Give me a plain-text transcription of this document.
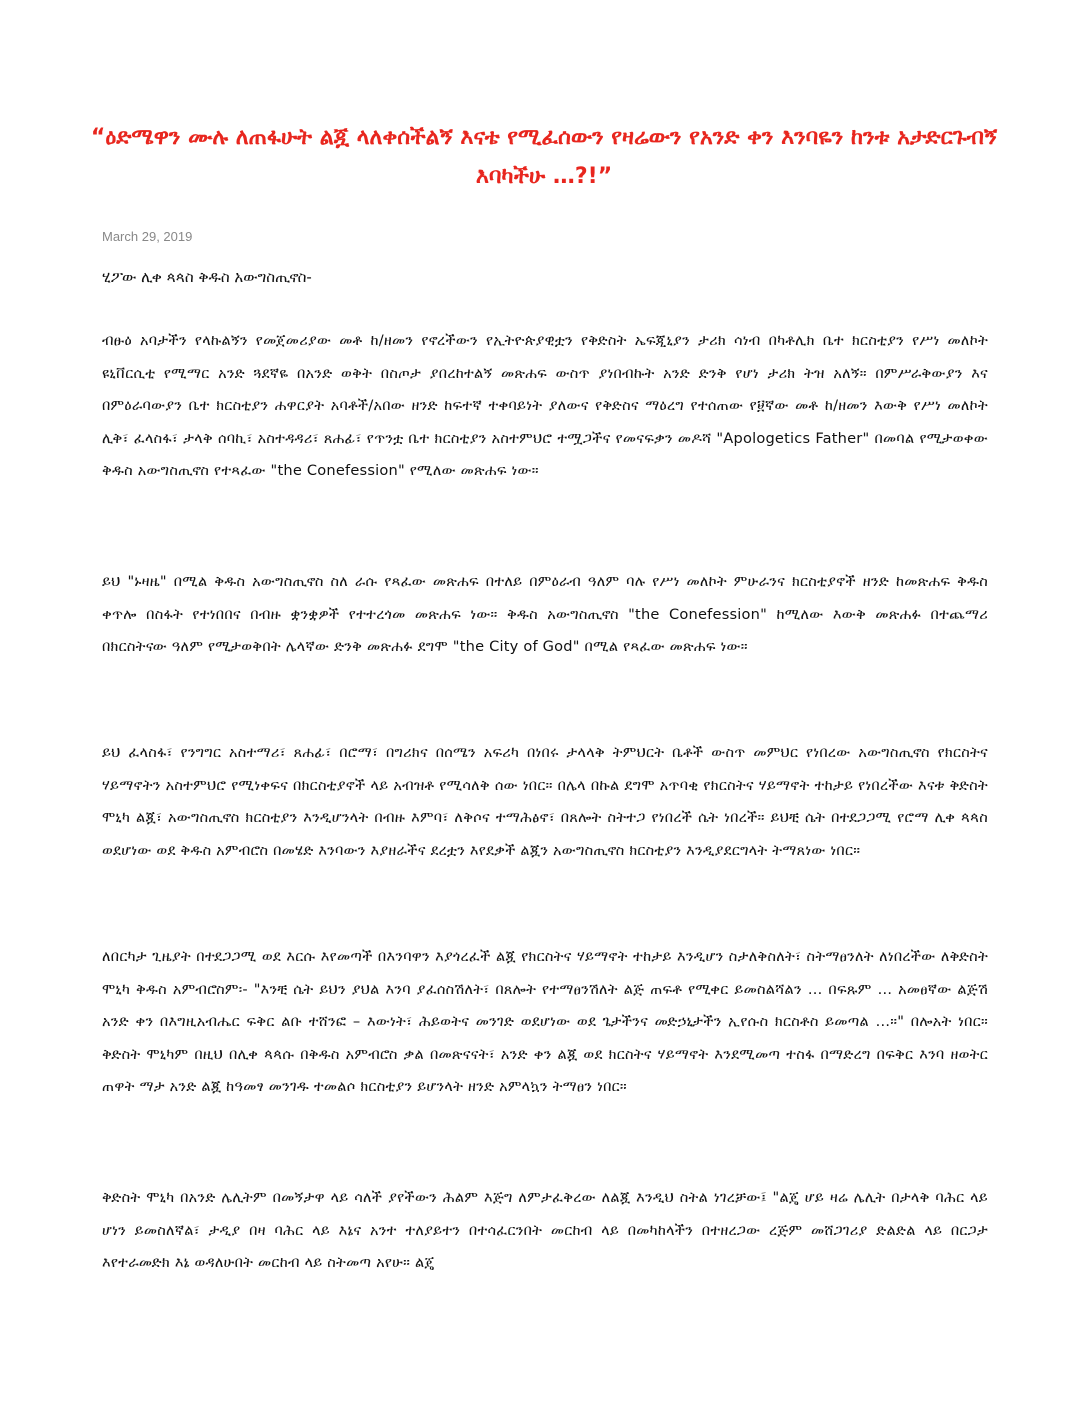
“ዕድሜዋን ሙሉ ለጠፋሁት ልጇ ላለቀሰችልኝ እናቴ የሚፈሰውን የዛሬውን የአንድ ቀን እንባዬን ከንቱ አታድርጉብኝ እባካችሁ …?!”
March 29, 2019
ሂፖው ሊቀ ጳጳስ ቅዱስ አውግስጢኖስ-

ብፁዕ አባታችን የላኩልኝን የመጀመሪያው መቶ ከ/ዘመን የኖረችውን የኢትዮጵያዊቷን የቅድስት ኤፍጂኒያን ታሪክ ሳነብ በካቶሊክ ቤተ ክርስቲያን የሥነ መለኮት ዩኒቨርሲቲ የሚማር አንድ ጓደኛዬ በአንድ ወቅት በስጦታ ያበረከተልኝ መጽሐፍ ውስጥ ያነበብኩት አንድ ድንቅ የሆነ ታሪክ ትዝ አለኝ። በምሥራቅውያን እና በምዕራባውያን ቤተ ክርስቲያን ሐዋርያት አባቶች/አበው ዘንድ ከፍተኛ ተቀባይነት ያለውና የቅድስና ማዕረግ የተሰጠው የ፱ኛው መቶ ከ/ዘመን እውቅ የሥነ መለኮት ሊቅ፣ ፈላስፋ፣ ታላቅ ሰባኪ፣ አስተዳዳሪ፣ ጸሐፊ፣ የጥንቷ ቤተ ክርስቲያን አስተምህሮ ተሟጋችና የመናፍቃን መዶሻ "Apologetics Father" በመባል የሚታወቀው ቅዱስ አውግስጢኖስ የተጻፈው "the Conefession" የሚለው መጽሐፍ ነው።

ይህ "ኑዛዜ" በሚል ቅዱስ አውግስጢኖስ ስለ ራሱ የጻፈው መጽሐፍ በተለይ በምዕራብ ዓለም ባሉ የሥነ መለኮት ምሁራንና ክርስቲያኖች ዘንድ ከመጽሐፍ ቅዱስ ቀጥሎ በስፋት የተነበበና በብዙ ቋንቋዎች የተተረጎመ መጽሐፍ ነው። ቅዱስ አውግስጢኖስ "the Conefession" ከሚለው እውቅ መጽሐፉ በተጨማሪ በክርስትናው ዓለም የሚታወቅበት ሌላኛው ድንቅ መጽሐፉ ደግሞ "the City of God" በሚል የጻፈው መጽሐፍ ነው።

ይህ ፈላስፋ፣ የንግግር አስተማሪ፣ ጸሐፊ፣ በሮማ፣ በግሪክና በሰሜን አፍሪካ በነበሩ ታላላቅ ትምህርት ቤቶች ውስጥ መምህር የነበረው አውግስጢኖስ የክርስትና ሃይማኖትን አስተምህሮ የሚነቀፍና በክርስቲያኖች ላይ አብዝቶ የሚሳለቅ ሰው ነበር። በሌላ በኩል ደግሞ አጥባቂ የክርስትና ሃይማኖት ተከታይ የነበረችው እናቱ ቅድስት ሞኒካ ልጇ፣ አውግስጢኖስ ክርስቲያን እንዲሆንላት በብዙ እምባ፣ ለቅሶና ተማሕፅኖ፣ በጸሎት ስትተጋ የነበረች ሴት ነበረች። ይህቺ ሴት በተደጋጋሚ የሮማ ሊቀ ጳጳስ ወደሆነው ወደ ቅዱስ አምብሮስ በመሄድ እንባውን እያዘራችና ደረቷን እየደቃች ልጇን አውግስጢኖስ ክርስቲያን እንዲያደርግላት ትማጸነው ነበር።

ለበርካታ ጊዜያት በተደጋጋሚ ወደ እርሱ እየመጣች በእንባዋን እያጎረፈች ልጇ የክርስትና ሃይማኖት ተከታይ እንዲሆን ስታለቅስለት፣ ስትማፀንለት ለነበረችው ለቅድስት ሞኒካ ቅዱስ አምብሮስም፡- "እንቺ ሴት ይህን ያህል እንባ ያፈሰስሽለት፣ በጸሎት የተማፀንሽለት ልጅ ጠፍቶ የሚቀር ይመስልሻልን … በፍጹም … አመፀኛው ልጅሽ አንድ ቀን በእግዚአብሔር ፍቅር ልቡ ተሸንፎ – እውነት፣ ሕይወትና መንገድ ወደሆነው ወደ ጌታችንና መድኃኒታችን ኢየሱስ ክርስቶስ ይመጣል …።" በሎአት ነበር። ቅድስት ሞኒካም በዚህ በሊቀ ጳጳሱ በቅዱስ አምብሮስ ቃል በመጽናናት፣ አንድ ቀን ልጇ ወደ ክርስትና ሃይማኖት እንደሚመጣ ተስፋ በማድረግ በፍቅር እንባ ዘወትር ጠዋት ማታ አንድ ልጇ ከዓመፃ መንገዱ ተመልሶ ክርስቲያን ይሆንላት ዘንድ አምላኳን ትማፀን ነበር።

ቅድስት ሞኒካ በአንድ ሌሊትም በመኝታዋ ላይ ሳለች ያየችውን ሕልም እጅግ ለምታፈቅረው ለልጇ እንዲህ ስትል ነገረቻው፤ "ልጄ ሆይ ዛሬ ሌሊት በታላቅ ባሕር ላይ ሆነን ይመስለኛል፣ ታዲያ በዛ ባሕር ላይ እኔና አንተ ተለያይተን በተሳፈርንበት መርከብ ላይ በመካከላችን በተዘረጋው ረጅም መሸጋገሪያ ድልድል ላይ በርጋታ እየተራመድክ እኔ ወዳለሁበት መርከብ ላይ ስትመጣ አየሁ። ልጄ
